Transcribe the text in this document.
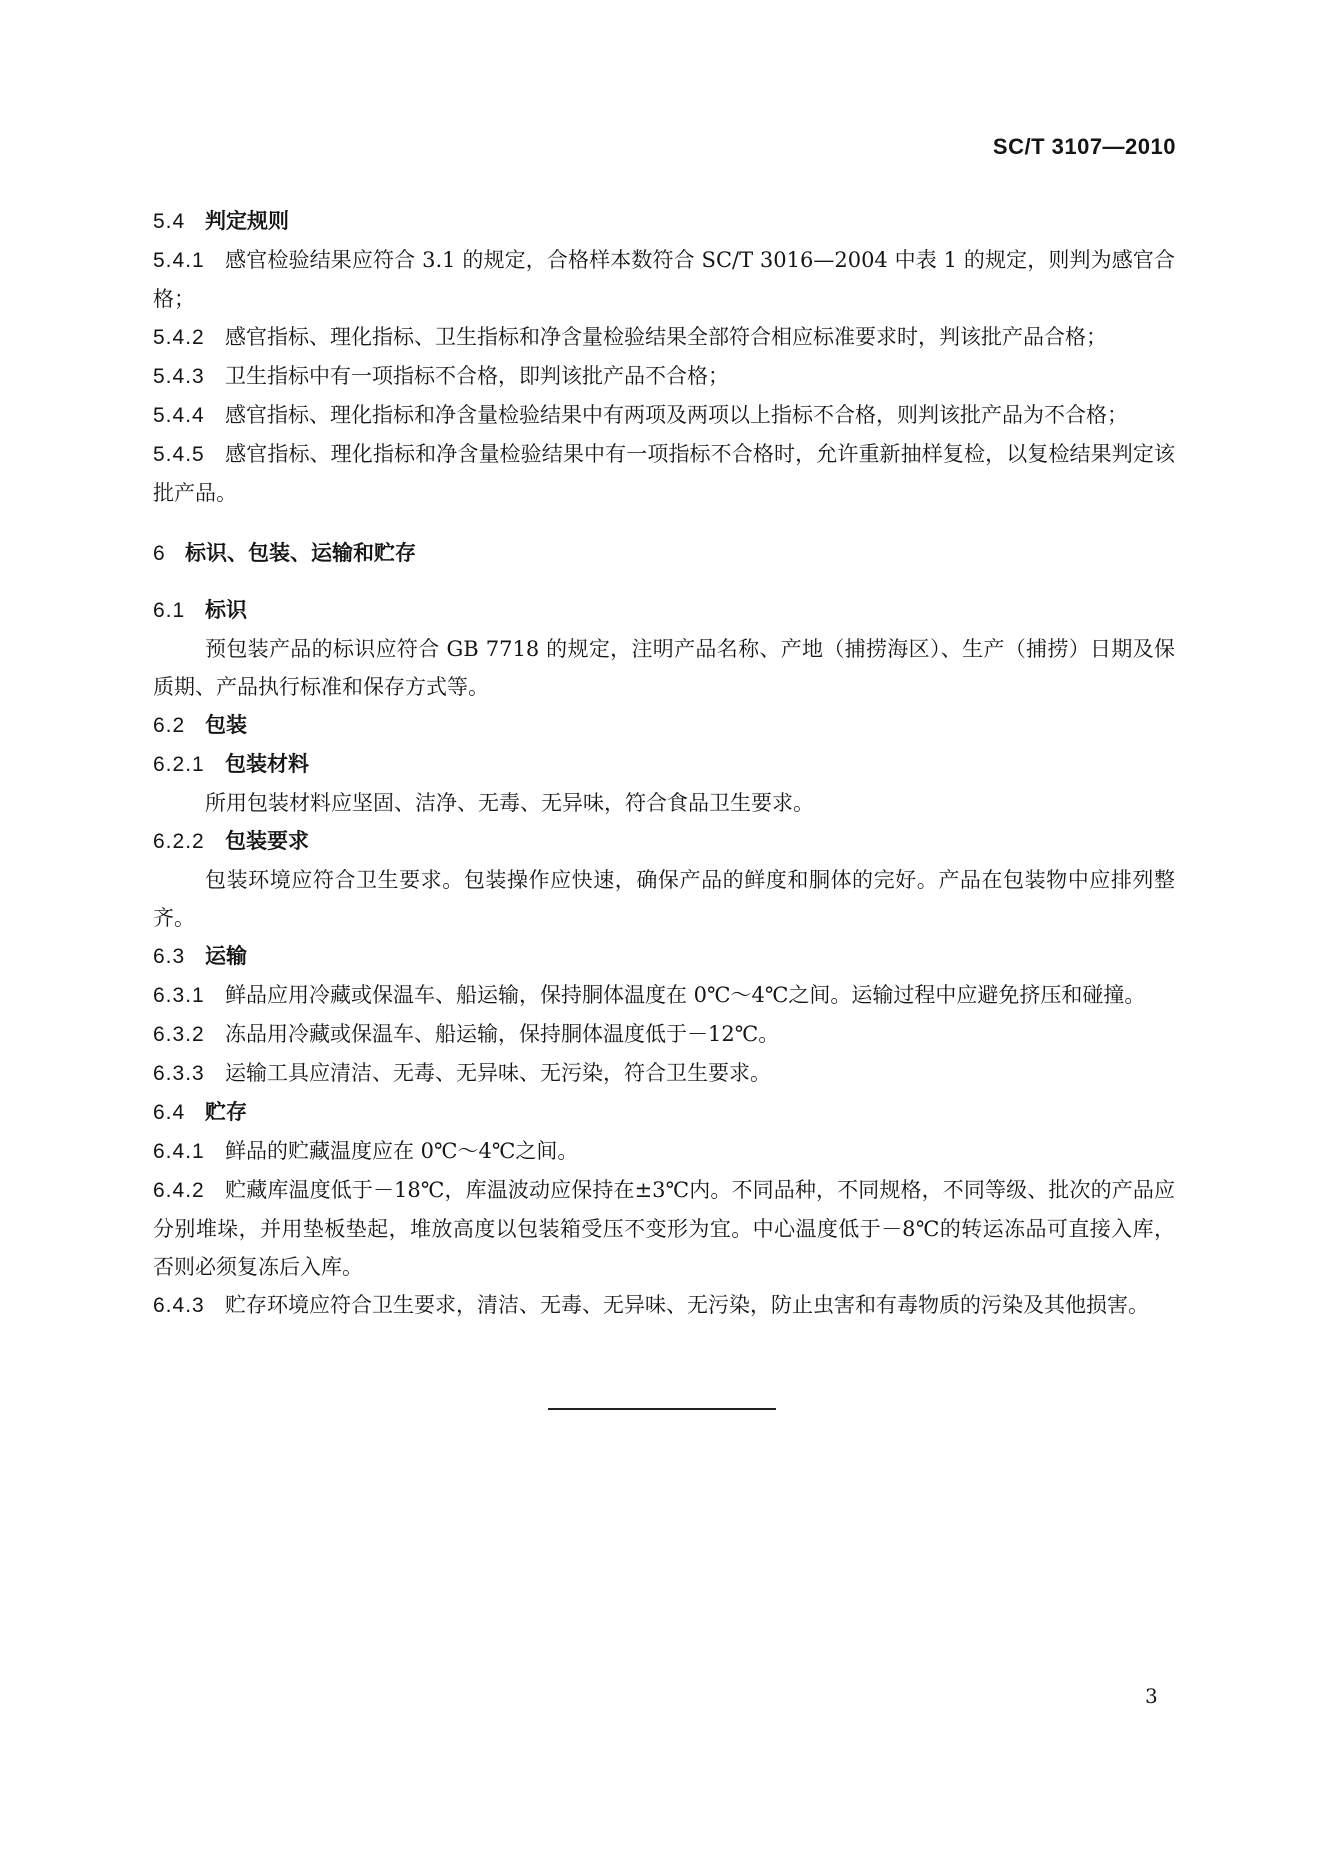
SC/T 3107—2010
5.4 判定规则
5.4.1 感官检验结果应符合 3.1 的规定，合格样本数符合 SC/T 3016—2004 中表 1 的规定，则判为感官合格；
5.4.2 感官指标、理化指标、卫生指标和净含量检验结果全部符合相应标准要求时，判该批产品合格；
5.4.3 卫生指标中有一项指标不合格，即判该批产品不合格；
5.4.4 感官指标、理化指标和净含量检验结果中有两项及两项以上指标不合格，则判该批产品为不合格；
5.4.5 感官指标、理化指标和净含量检验结果中有一项指标不合格时，允许重新抽样复检，以复检结果判定该批产品。
6 标识、包装、运输和贮存
6.1 标识
预包装产品的标识应符合 GB 7718 的规定，注明产品名称、产地（捕捞海区）、生产（捕捞）日期及保质期、产品执行标准和保存方式等。
6.2 包装
6.2.1 包装材料
所用包装材料应坚固、洁净、无毒、无异味，符合食品卫生要求。
6.2.2 包装要求
包装环境应符合卫生要求。包装操作应快速，确保产品的鲜度和胴体的完好。产品在包装物中应排列整齐。
6.3 运输
6.3.1 鲜品应用冷藏或保温车、船运输，保持胴体温度在 0℃～4℃之间。运输过程中应避免挤压和碰撞。
6.3.2 冻品用冷藏或保温车、船运输，保持胴体温度低于－12℃。
6.3.3 运输工具应清洁、无毒、无异味、无污染，符合卫生要求。
6.4 贮存
6.4.1 鲜品的贮藏温度应在 0℃～4℃之间。
6.4.2 贮藏库温度低于－18℃，库温波动应保持在±3℃内。不同品种，不同规格，不同等级、批次的产品应分别堆垛，并用垫板垫起，堆放高度以包装箱受压不变形为宜。中心温度低于－8℃的转运冻品可直接入库，否则必须复冻后入库。
6.4.3 贮存环境应符合卫生要求，清洁、无毒、无异味、无污染，防止虫害和有毒物质的污染及其他损害。
3
